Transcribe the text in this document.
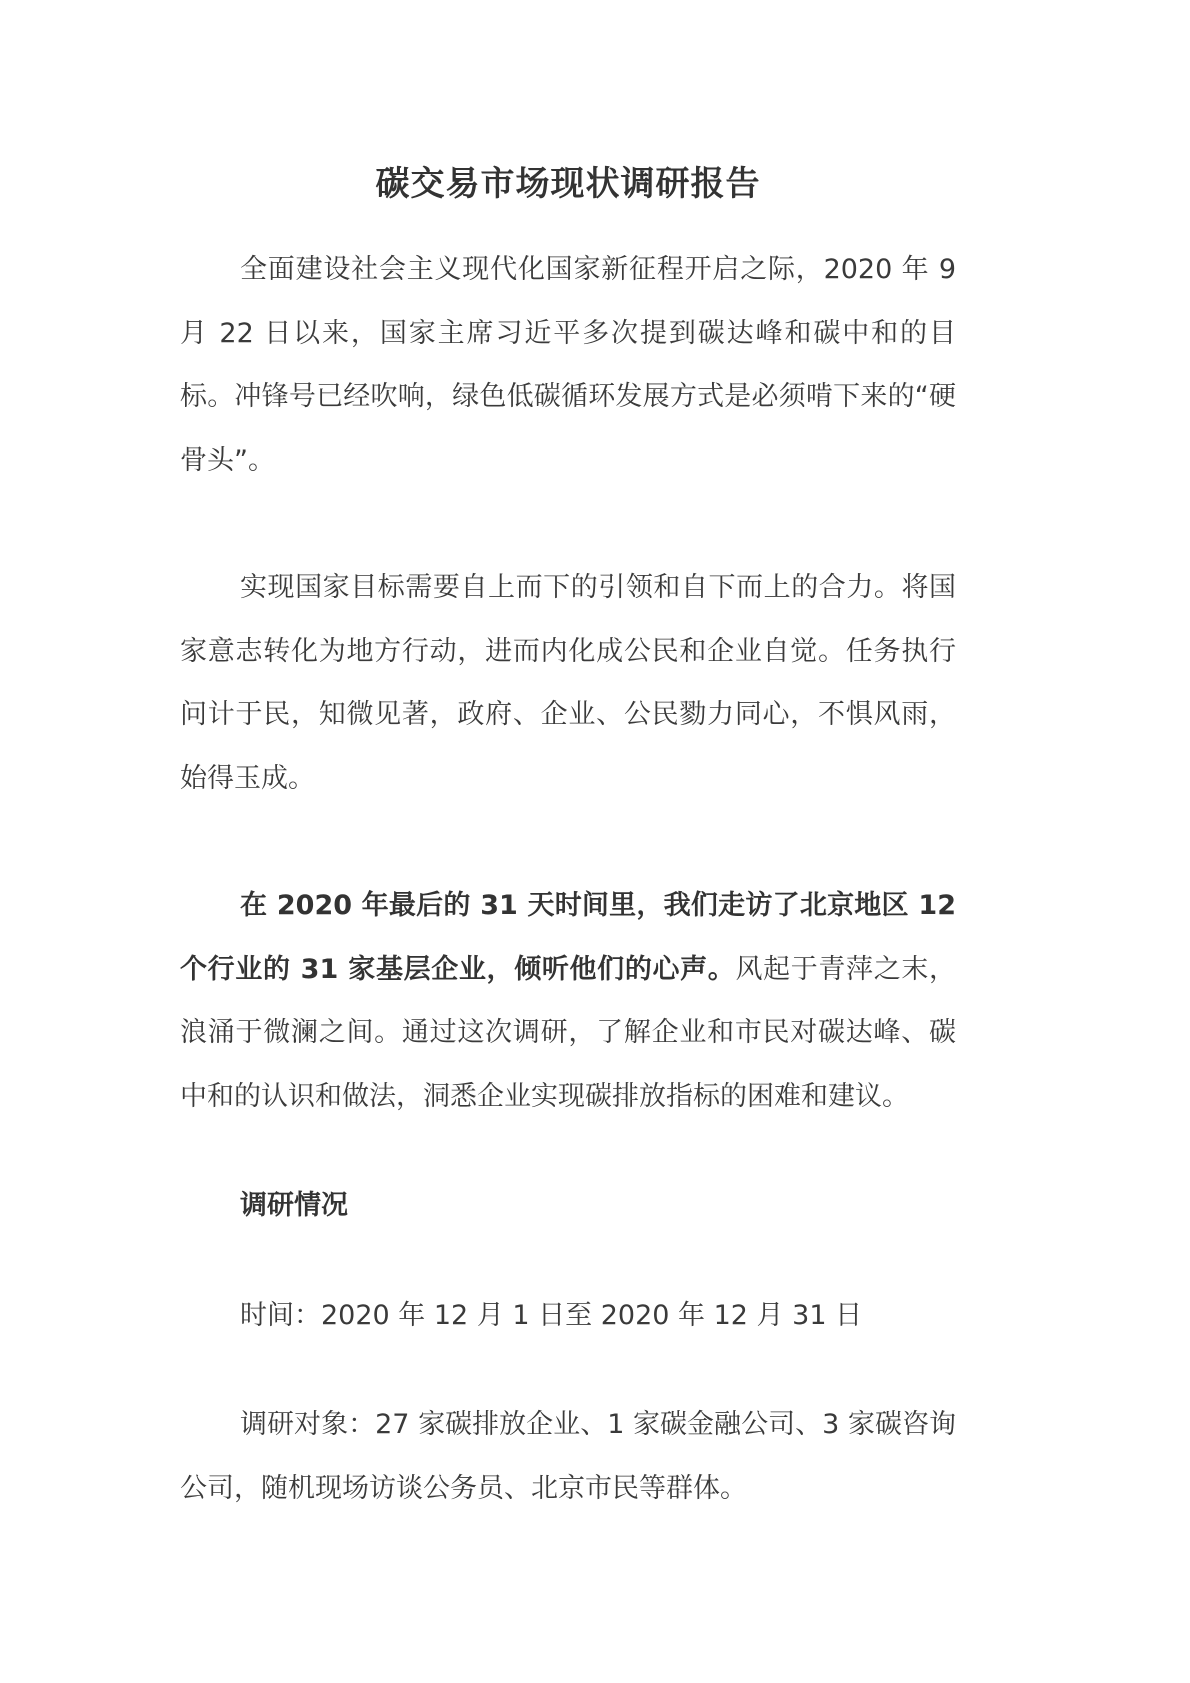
碳交易市场现状调研报告

全面建设社会主义现代化国家新征程开启之际，2020 年 9 月 22 日以来，国家主席习近平多次提到碳达峰和碳中和的目标。冲锋号已经吹响，绿色低碳循环发展方式是必须啃下来的“硬骨头”。

实现国家目标需要自上而下的引领和自下而上的合力。将国家意志转化为地方行动，进而内化成公民和企业自觉。任务执行问计于民，知微见著，政府、企业、公民勠力同心，不惧风雨，始得玉成。

在 2020 年最后的 31 天时间里，我们走访了北京地区 12 个行业的 31 家基层企业，倾听他们的心声。风起于青萍之末，浪涌于微澜之间。通过这次调研，了解企业和市民对碳达峰、碳中和的认识和做法，洞悉企业实现碳排放指标的困难和建议。

调研情况

时间：2020 年 12 月 1 日至 2020 年 12 月 31 日

调研对象：27 家碳排放企业、1 家碳金融公司、3 家碳咨询公司，随机现场访谈公务员、北京市民等群体。
